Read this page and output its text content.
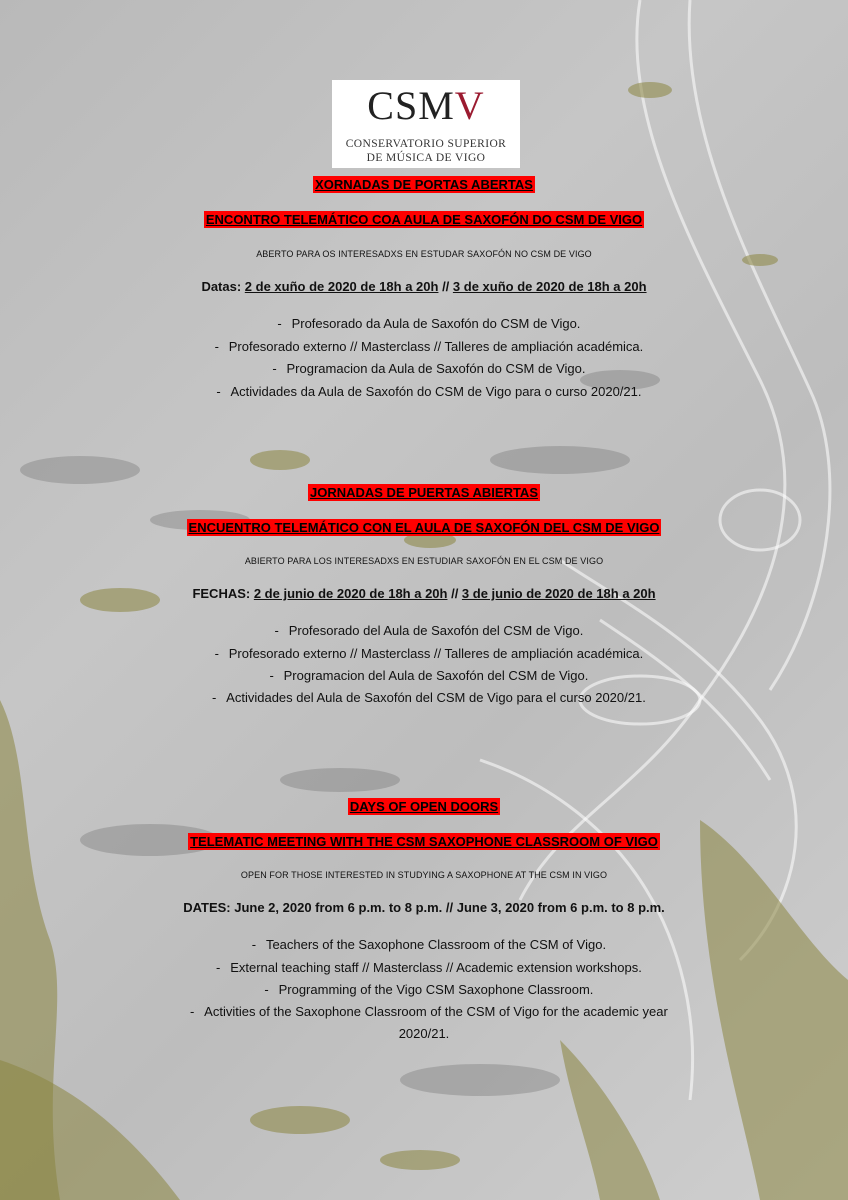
CSMV
CONSERVATORIO SUPERIOR
DE MÚSICA DE VIGO
XORNADAS DE PORTAS ABERTAS
ENCONTRO TELEMÁTICO COA AULA DE SAXOFÓN DO CSM DE VIGO
ABERTO PARA OS INTERESADXS EN ESTUDAR SAXOFÓN NO CSM DE VIGO
Datas: 2 de xuño de 2020 de 18h a 20h // 3 de xuño de 2020 de 18h a 20h
- Profesorado da Aula de Saxofón do CSM de Vigo.
- Profesorado externo // Masterclass // Talleres de ampliación académica.
- Programacion da Aula de Saxofón do CSM de Vigo.
- Actividades da Aula de Saxofón do CSM de Vigo para o curso 2020/21.
JORNADAS DE PUERTAS ABIERTAS
ENCUENTRO TELEMÁTICO CON EL AULA DE SAXOFÓN DEL CSM DE VIGO
ABIERTO PARA LOS INTERESADXS EN ESTUDIAR SAXOFÓN EN EL CSM DE VIGO
FECHAS: 2 de junio de 2020 de 18h a 20h // 3 de junio de 2020 de 18h a 20h
- Profesorado del Aula de Saxofón del CSM de Vigo.
- Profesorado externo // Masterclass // Talleres de ampliación académica.
- Programacion del Aula de Saxofón del CSM de Vigo.
- Actividades del Aula de Saxofón del CSM de Vigo para el curso 2020/21.
DAYS OF OPEN DOORS
TELEMATIC MEETING WITH THE CSM SAXOPHONE CLASSROOM OF VIGO
OPEN FOR THOSE INTERESTED IN STUDYING A SAXOPHONE AT THE CSM IN VIGO
DATES: June 2, 2020 from 6 p.m. to 8 p.m. // June 3, 2020 from 6 p.m. to 8 p.m.
- Teachers of the Saxophone Classroom of the CSM of Vigo.
- External teaching staff // Masterclass // Academic extension workshops.
- Programming of the Vigo CSM Saxophone Classroom.
- Activities of the Saxophone Classroom of the CSM of Vigo for the academic year
2020/21.
